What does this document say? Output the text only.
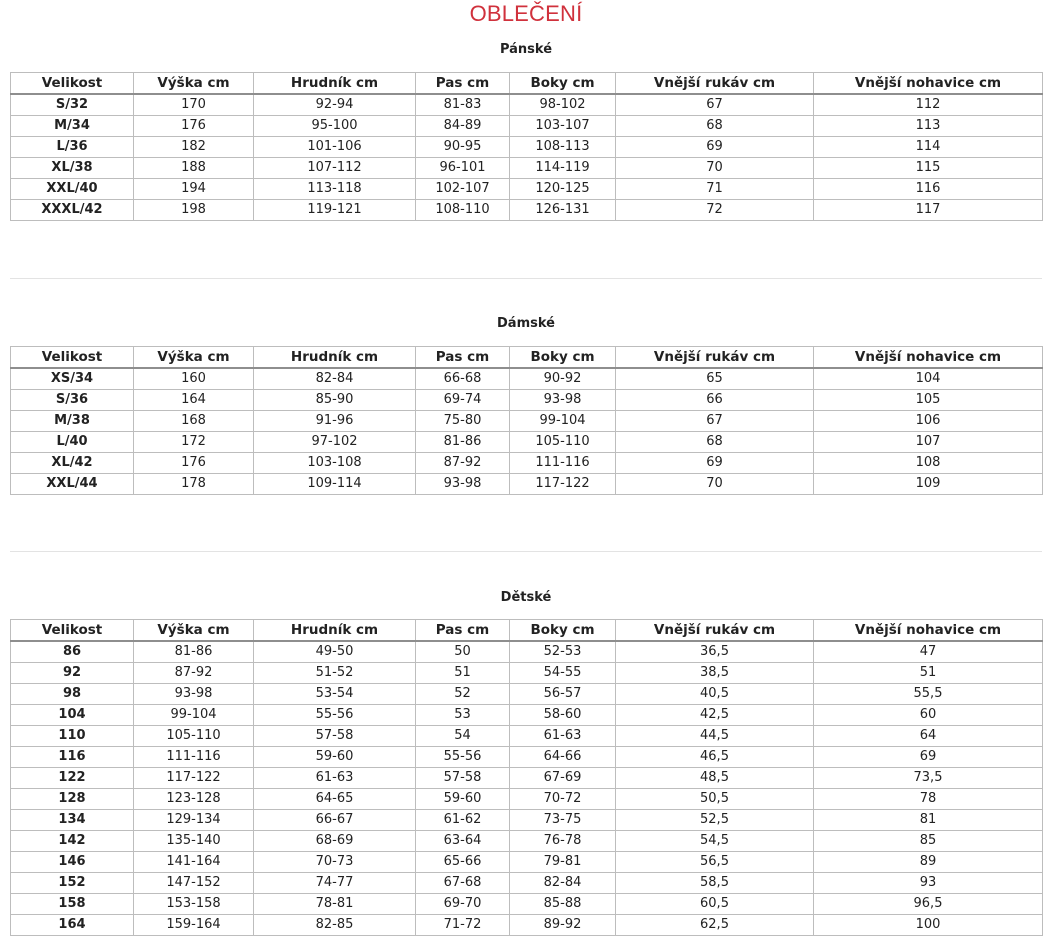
OBLEČENÍ
Pánské
Velikost	Výška cm	Hrudník cm	Pas cm	Boky cm	Vnější rukáv cm	Vnější nohavice cm
S/32	170	92-94	81-83	98-102	67	112
M/34	176	95-100	84-89	103-107	68	113
L/36	182	101-106	90-95	108-113	69	114
XL/38	188	107-112	96-101	114-119	70	115
XXL/40	194	113-118	102-107	120-125	71	116
XXXL/42	198	119-121	108-110	126-131	72	117
Dámské
Velikost	Výška cm	Hrudník cm	Pas cm	Boky cm	Vnější rukáv cm	Vnější nohavice cm
XS/34	160	82-84	66-68	90-92	65	104
S/36	164	85-90	69-74	93-98	66	105
M/38	168	91-96	75-80	99-104	67	106
L/40	172	97-102	81-86	105-110	68	107
XL/42	176	103-108	87-92	111-116	69	108
XXL/44	178	109-114	93-98	117-122	70	109
Dětské
Velikost	Výška cm	Hrudník cm	Pas cm	Boky cm	Vnější rukáv cm	Vnější nohavice cm
86	81-86	49-50	50	52-53	36,5	47
92	87-92	51-52	51	54-55	38,5	51
98	93-98	53-54	52	56-57	40,5	55,5
104	99-104	55-56	53	58-60	42,5	60
110	105-110	57-58	54	61-63	44,5	64
116	111-116	59-60	55-56	64-66	46,5	69
122	117-122	61-63	57-58	67-69	48,5	73,5
128	123-128	64-65	59-60	70-72	50,5	78
134	129-134	66-67	61-62	73-75	52,5	81
142	135-140	68-69	63-64	76-78	54,5	85
146	141-164	70-73	65-66	79-81	56,5	89
152	147-152	74-77	67-68	82-84	58,5	93
158	153-158	78-81	69-70	85-88	60,5	96,5
164	159-164	82-85	71-72	89-92	62,5	100
